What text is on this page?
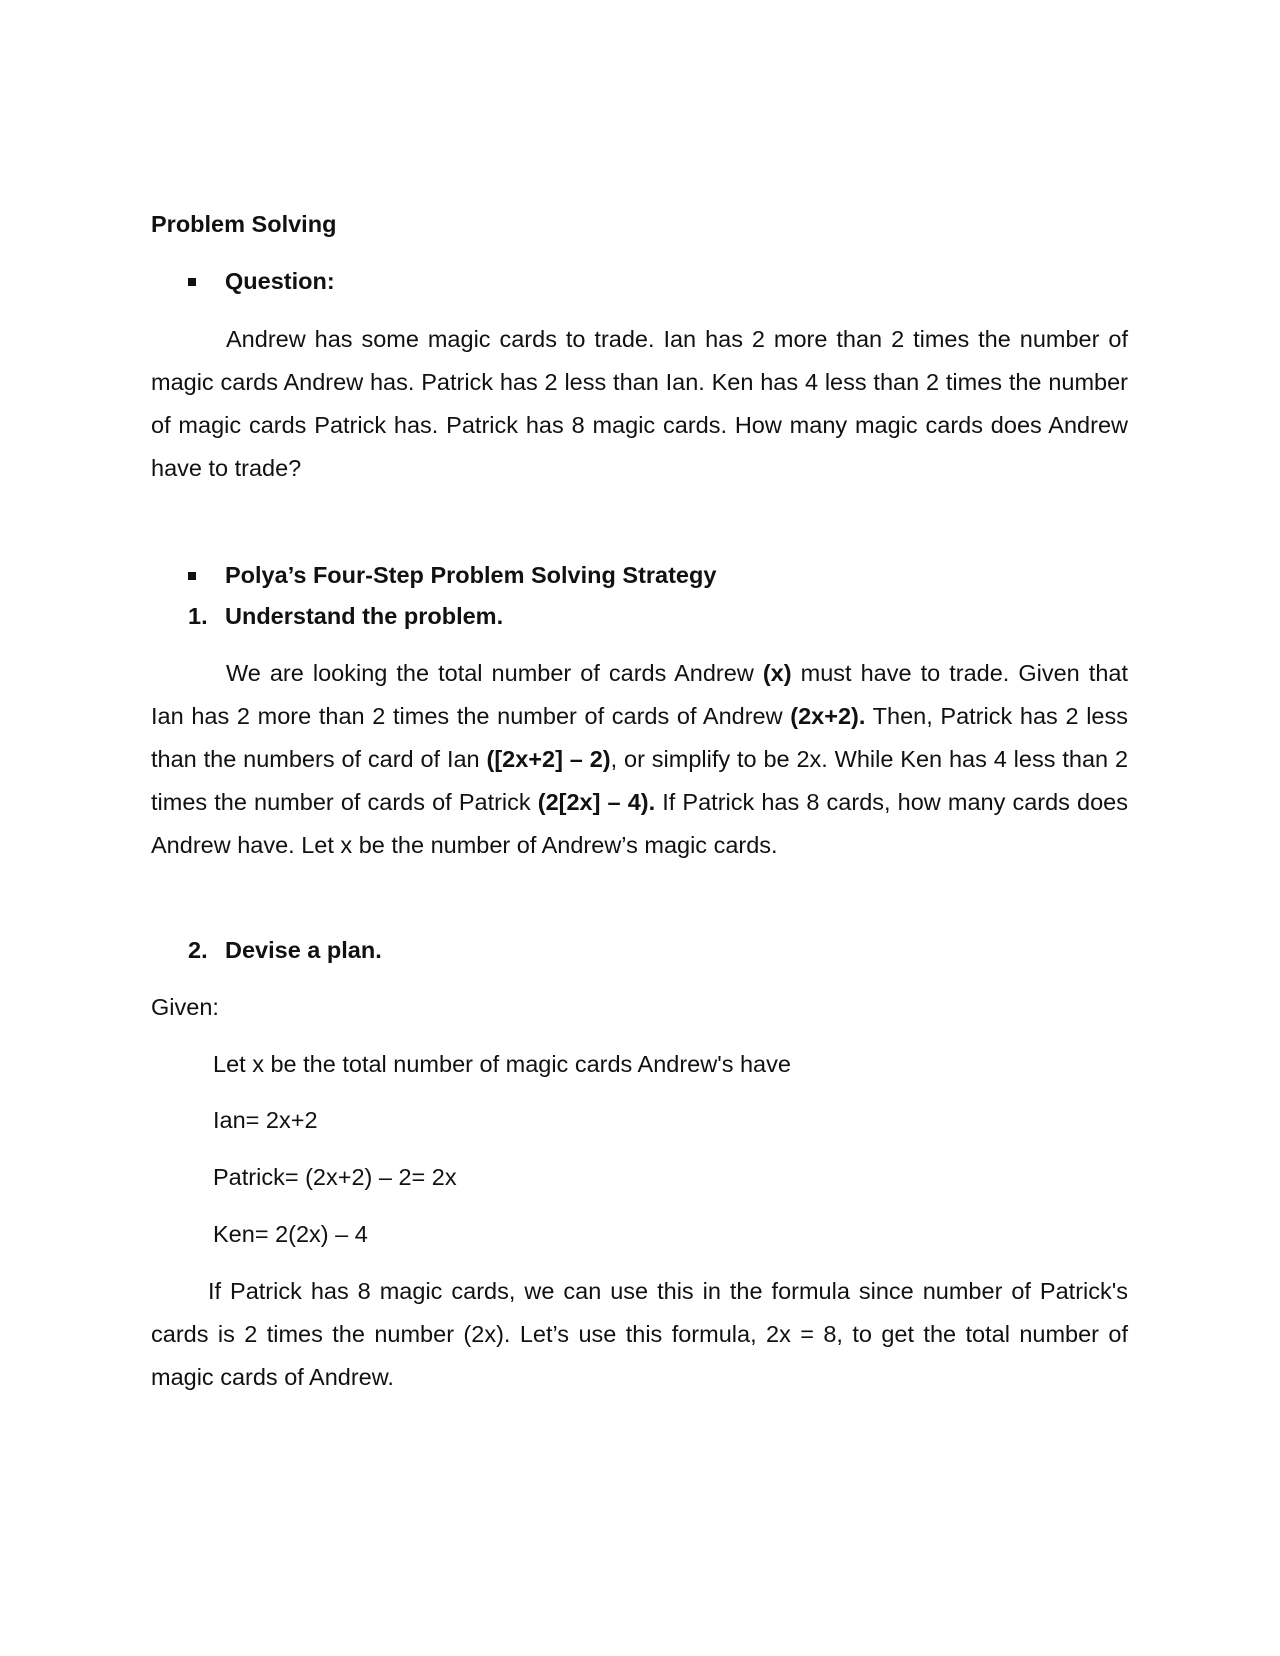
Problem Solving
Question:

Andrew has some magic cards to trade. Ian has 2 more than 2 times the number of magic cards Andrew has. Patrick has 2 less than Ian. Ken has 4 less than 2 times the number of magic cards Patrick has. Patrick has 8 magic cards. How many magic cards does Andrew have to trade?

Polya’s Four-Step Problem Solving Strategy
1. Understand the problem.

We are looking the total number of cards Andrew (x) must have to trade. Given that Ian has 2 more than 2 times the number of cards of Andrew (2x+2). Then, Patrick has 2 less than the numbers of card of Ian ([2x+2] – 2), or simplify to be 2x. While Ken has 4 less than 2 times the number of cards of Patrick (2[2x] – 4). If Patrick has 8 cards, how many cards does Andrew have. Let x be the number of Andrew’s magic cards.

2. Devise a plan.
Given:
Let x be the total number of magic cards Andrew's have
Ian= 2x+2
Patrick= (2x+2) – 2= 2x
Ken= 2(2x) – 4

If Patrick has 8 magic cards, we can use this in the formula since number of Patrick's cards is 2 times the number (2x). Let’s use this formula, 2x = 8, to get the total number of magic cards of Andrew.
